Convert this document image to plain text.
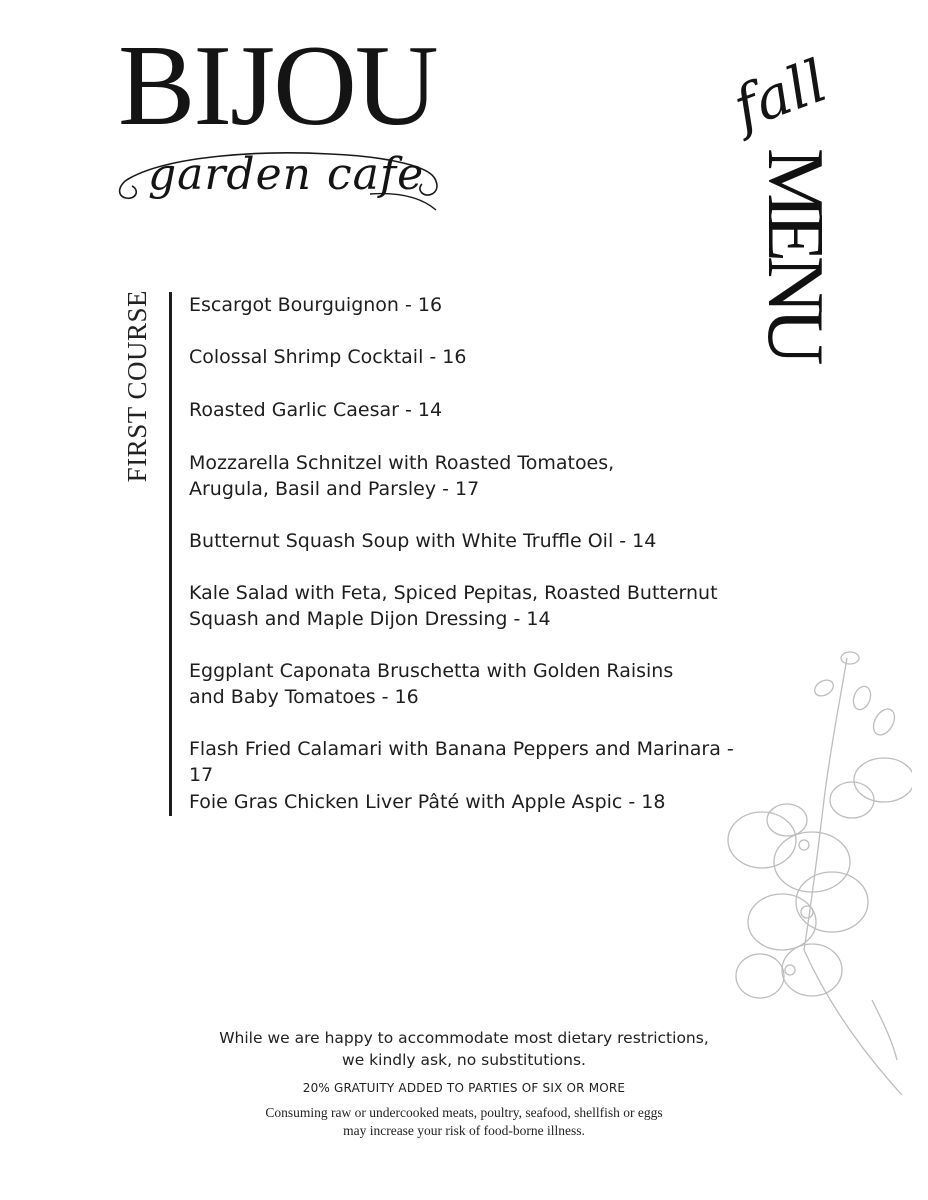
BIJOU
garden cafe
fall
MENU
FIRST COURSE Escargot Bourguignon - 16
Colossal Shrimp Cocktail - 16
Roasted Garlic Caesar - 14
Mozzarella Schnitzel with Roasted Tomatoes,
Arugula, Basil and Parsley - 17
Butternut Squash Soup with White Truffle Oil - 14
Kale Salad with Feta, Spiced Pepitas, Roasted Butternut
Squash and Maple Dijon Dressing - 14
Eggplant Caponata Bruschetta with Golden Raisins
and Baby Tomatoes - 16
Flash Fried Calamari with Banana Peppers and Marinara - 17
Foie Gras Chicken Liver Pâté with Apple Aspic - 18
While we are happy to accommodate most dietary restrictions,
we kindly ask, no substitutions.
20% GRATUITY ADDED TO PARTIES OF SIX OR MORE
Consuming raw or undercooked meats, poultry, seafood, shellfish or eggs
may increase your risk of food-borne illness.
